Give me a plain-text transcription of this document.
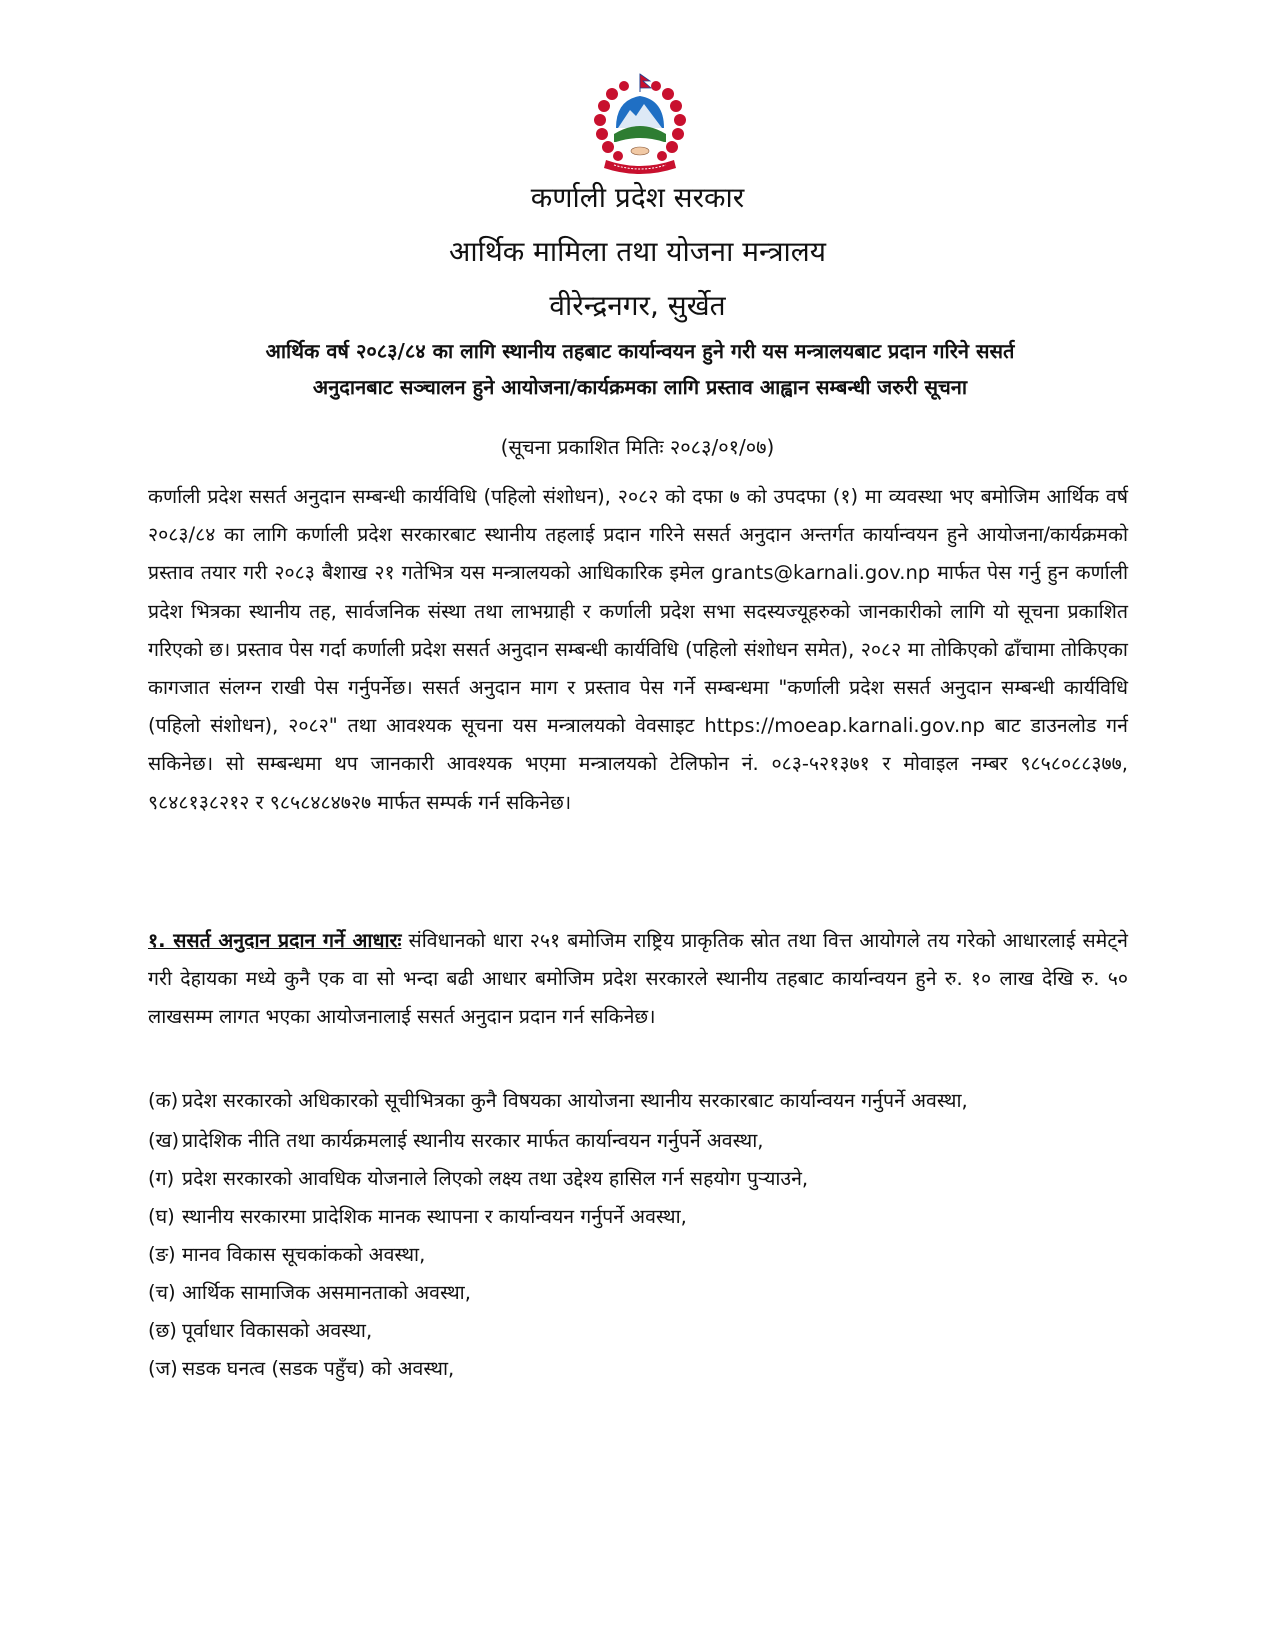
कर्णाली प्रदेश सरकार
आर्थिक मामिला तथा योजना मन्त्रालय
वीरेन्द्रनगर, सुर्खेत
आर्थिक वर्ष २०८३/८४ का लागि स्थानीय तहबाट कार्यान्वयन हुने गरी यस मन्त्रालयबाट प्रदान गरिने ससर्त
अनुदानबाट सञ्चालन हुने आयोजना/कार्यक्रमका लागि प्रस्ताव आह्वान सम्बन्धी जरुरी सूचना
(सूचना प्रकाशित मितिः २०८३/०१/०७)
कर्णाली प्रदेश ससर्त अनुदान सम्बन्धी कार्यविधि (पहिलो संशोधन), २०८२ को दफा ७ को उपदफा (१) मा व्यवस्था भए बमोजिम आर्थिक वर्ष २०८३/८४ का लागि कर्णाली प्रदेश सरकारबाट स्थानीय तहलाई प्रदान गरिने ससर्त अनुदान अन्तर्गत कार्यान्वयन हुने आयोजना/कार्यक्रमको प्रस्ताव तयार गरी २०८३ बैशाख २१ गतेभित्र यस मन्त्रालयको आधिकारिक इमेल grants@karnali.gov.np मार्फत पेस गर्नु हुन कर्णाली प्रदेश भित्रका स्थानीय तह, सार्वजनिक संस्था तथा लाभग्राही र कर्णाली प्रदेश सभा सदस्यज्यूहरुको जानकारीको लागि यो सूचना प्रकाशित गरिएको छ। प्रस्ताव पेस गर्दा कर्णाली प्रदेश ससर्त अनुदान सम्बन्धी कार्यविधि (पहिलो संशोधन समेत), २०८२ मा तोकिएको ढाँचामा तोकिएका कागजात संलग्न राखी पेस गर्नुपर्नेछ। ससर्त अनुदान माग र प्रस्ताव पेस गर्ने सम्बन्धमा "कर्णाली प्रदेश ससर्त अनुदान सम्बन्धी कार्यविधि (पहिलो संशोधन), २०८२" तथा आवश्यक सूचना यस मन्त्रालयको वेवसाइट https://moeap.karnali.gov.np बाट डाउनलोड गर्न सकिनेछ। सो सम्बन्धमा थप जानकारी आवश्यक भएमा मन्त्रालयको टेलिफोन नं. ०८३-५२१३७१ र मोवाइल नम्बर ९८५८०८८३७७, ९८४८१३८२१२ र ९८५८४८४७२७ मार्फत सम्पर्क गर्न सकिनेछ।
१. ससर्त अनुदान प्रदान गर्ने आधारः संविधानको धारा २५१ बमोजिम राष्ट्रिय प्राकृतिक स्रोत तथा वित्त आयोगले तय गरेको आधारलाई समेट्ने गरी देहायका मध्ये कुनै एक वा सो भन्दा बढी आधार बमोजिम प्रदेश सरकारले स्थानीय तहबाट कार्यान्वयन हुने रु. १० लाख देखि रु. ५० लाखसम्म लागत भएका आयोजनालाई ससर्त अनुदान प्रदान गर्न सकिनेछ।
(क) प्रदेश सरकारको अधिकारको सूचीभित्रका कुनै विषयका आयोजना स्थानीय सरकारबाट कार्यान्वयन गर्नुपर्ने अवस्था,
(ख) प्रादेशिक नीति तथा कार्यक्रमलाई स्थानीय सरकार मार्फत कार्यान्वयन गर्नुपर्ने अवस्था,
(ग) प्रदेश सरकारको आवधिक योजनाले लिएको लक्ष्य तथा उद्देश्य हासिल गर्न सहयोग पुऱ्याउने,
(घ) स्थानीय सरकारमा प्रादेशिक मानक स्थापना र कार्यान्वयन गर्नुपर्ने अवस्था,
(ङ) मानव विकास सूचकांकको अवस्था,
(च) आर्थिक सामाजिक असमानताको अवस्था,
(छ) पूर्वाधार विकासको अवस्था,
(ज) सडक घनत्व (सडक पहुँच) को अवस्था,
